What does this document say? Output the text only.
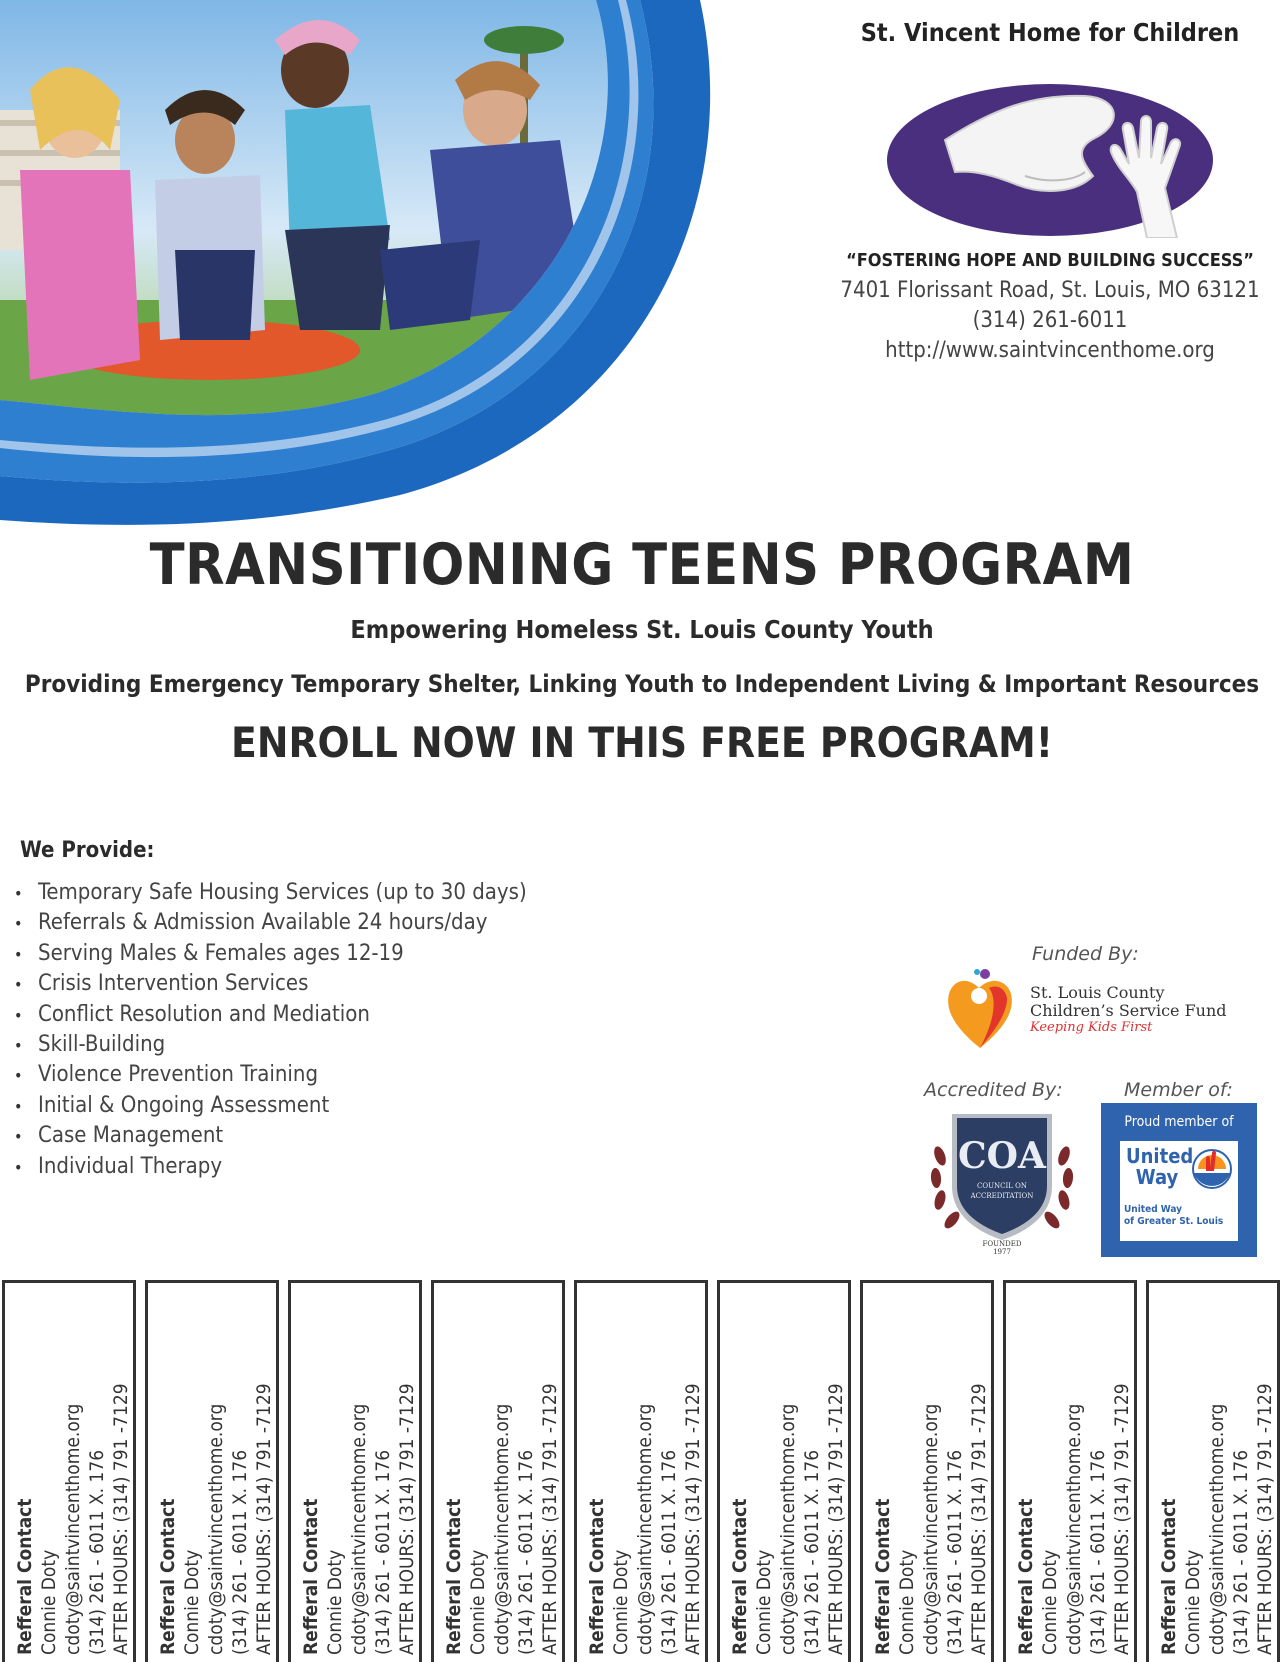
St. Vincent Home for Children
“FOSTERING HOPE AND BUILDING SUCCESS”
7401 Florissant Road, St. Louis, MO 63121
(314) 261-6011
http://www.saintvincenthome.org
TRANSITIONING TEENS PROGRAM
Empowering Homeless St. Louis County Youth
Providing Emergency Temporary Shelter, Linking Youth to Independent Living & Important Resources
ENROLL NOW IN THIS FREE PROGRAM!
We Provide:
• Temporary Safe Housing Services (up to 30 days)
• Referrals & Admission Available 24 hours/day
• Serving Males & Females ages 12-19
• Crisis Intervention Services
• Conflict Resolution and Mediation
• Skill-Building
• Violence Prevention Training
• Initial & Ongoing Assessment
• Case Management
• Individual Therapy
Funded By:
St. Louis County
Children’s Service Fund
Keeping Kids First
Accredited By:	Member of:
COA
COUNCIL ON
ACCREDITATION
FOUNDED
1977
Proud member of
United
Way
United Way
of Greater St. Louis
Refferal Contact Connie Doty cdoty@saintvincenthome.org (314) 261 - 6011 X. 176 AFTER HOURS: (314) 791 -7129 Refferal Contact Connie Doty cdoty@saintvincenthome.org (314) 261 - 6011 X. 176 AFTER HOURS: (314) 791 -7129 Refferal Contact Connie Doty cdoty@saintvincenthome.org (314) 261 - 6011 X. 176 AFTER HOURS: (314) 791 -7129 Refferal Contact Connie Doty cdoty@saintvincenthome.org (314) 261 - 6011 X. 176 AFTER HOURS: (314) 791 -7129 Refferal Contact Connie Doty cdoty@saintvincenthome.org (314) 261 - 6011 X. 176 AFTER HOURS: (314) 791 -7129 Refferal Contact Connie Doty cdoty@saintvincenthome.org (314) 261 - 6011 X. 176 AFTER HOURS: (314) 791 -7129 Refferal Contact Connie Doty cdoty@saintvincenthome.org (314) 261 - 6011 X. 176 AFTER HOURS: (314) 791 -7129 Refferal Contact Connie Doty cdoty@saintvincenthome.org (314) 261 - 6011 X. 176 AFTER HOURS: (314) 791 -7129 Refferal Contact Connie Doty cdoty@saintvincenthome.org (314) 261 - 6011 X. 176 AFTER HOURS: (314) 791 -7129
